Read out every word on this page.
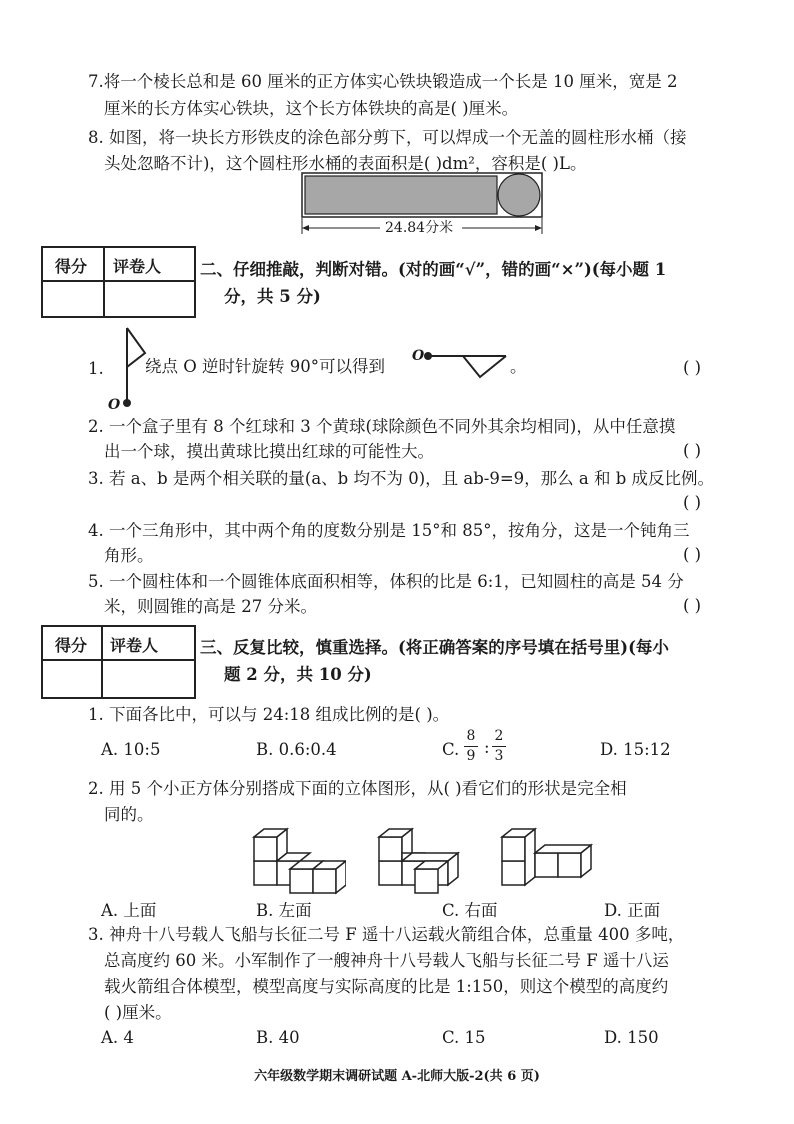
7.将一个棱长总和是 60 厘米的正方体实心铁块锻造成一个长是 10 厘米，宽是 2
厘米的长方体实心铁块，这个长方体铁块的高是( )厘米。
8. 如图，将一块长方形铁皮的涂色部分剪下，可以焊成一个无盖的圆柱形水桶（接
头处忽略不计)，这个圆柱形水桶的表面积是( )dm²，容积是( )L。
24.84分米
得分 评卷人 二、仔细推敲，判断对错。(对的画“√”，错的画“×”)(每小题 1
分，共 5 分)
1.
O
绕点 O 逆时针旋转 90°可以得到
O
。	( )
2. 一个盒子里有 8 个红球和 3 个黄球(球除颜色不同外其余均相同)，从中任意摸
出一个球，摸出黄球比摸出红球的可能性大。	( )
3. 若 a、b 是两个相关联的量(a、b 均不为 0)，且 ab-9=9，那么 a 和 b 成反比例。
( )
4. 一个三角形中，其中两个角的度数分别是 15°和 85°，按角分，这是一个钝角三
角形。	( )
5. 一个圆柱体和一个圆锥体底面积相等，体积的比是 6:1，已知圆柱的高是 54 分
米，则圆锥的高是 27 分米。	( )
得分 评卷人	三、反复比较，慎重选择。(将正确答案的序号填在括号里)(每小
题 2 分，共 10 分)
1. 下面各比中，可以与 24:18 组成比例的是( )。
A. 10:5	B. 0.6:0.4	C.
8
9 :
2
3	D. 15:12
2. 用 5 个小正方体分别搭成下面的立体图形，从( )看它们的形状是完全相
同的。
A. 上面	B. 左面	C. 右面	D. 正面
3. 神舟十八号载人飞船与长征二号 F 遥十八运载火箭组合体，总重量 400 多吨，
总高度约 60 米。小军制作了一艘神舟十八号载人飞船与长征二号 F 遥十八运
载火箭组合体模型，模型高度与实际高度的比是 1:150，则这个模型的高度约
( )厘米。
A. 4	B. 40	C. 15	D. 150
六年级数学期末调研试题 A-北师大版-2(共 6 页)
